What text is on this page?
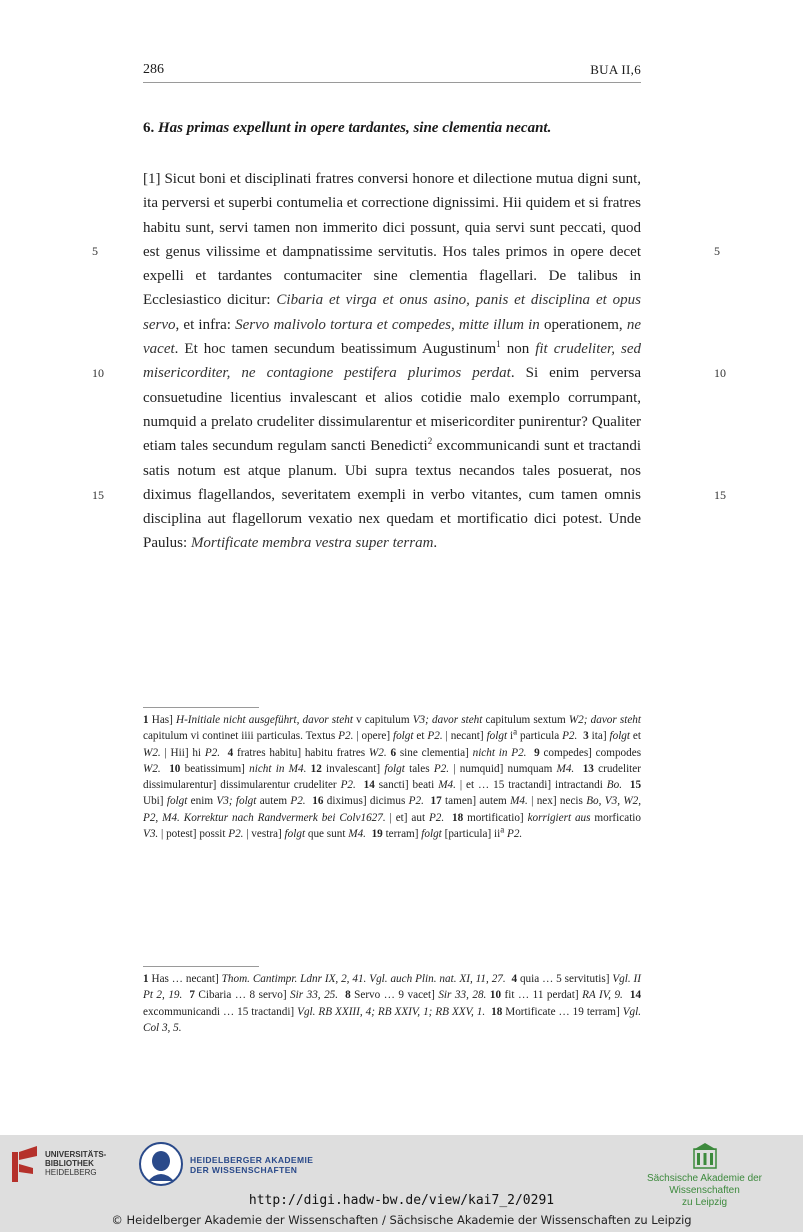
286	BUA II,6
6. Has primas expellunt in opere tardantes, sine clementia necant.
5	5
10	10
15	15
[1] Sicut boni et disciplinati fratres conversi honore et dilectione mutua digni sunt, ita perversi et superbi contumelia et correctione dignissimi. Hii quidem et si fratres habitu sunt, servi tamen non immerito dici possunt, quia servi sunt peccati, quod est genus vilissime et dampnatissime servitutis. Hos tales primos in opere decet expelli et tardantes contumaciter sine clementia flagellari. De talibus in Ecclesiastico dicitur: Cibaria et virga et onus asino, panis et disciplina et opus servo, et infra: Servo malivolo tortura et compedes, mitte illum in operationem, ne vacet. Et hoc tamen secundum beatissimum Augustinum$^1$ non fit crudeliter, sed misericorditer, ne contagione pestifera plurimos perdat. Si enim perversa consuetudine licentius invalescant et alios cotidie malo exemplo corrumpant, numquid a prelato crudeliter dissimularentur et misericorditer punirentur? Qualiter etiam tales secundum regulam sancti Benedicti$^2$ excommunicandi sunt et tractandi satis notum est atque planum. Ubi supra textus necandos tales posuerat, nos diximus flagellandos, severitatem exempli in verbo vitantes, cum tamen omnis disciplina aut flagellorum vexatio nex quedam et mortificatio dici potest. Unde Paulus: Mortificate membra vestra super terram.
1 Has] H-Initiale nicht ausgeführt, davor steht v capitulum V3; davor steht capitulum sextum W2; davor steht capitulum vi continet iiii particulas. Textus P2. | opere] folgt et P2. | necant] folgt $i^a$ particula P2. 3 ita] folgt et W2. | Hii] hi P2. 4 fratres habitu] habitu fratres W2. 6 sine clementia] nicht in P2. 9 compedes] compodes W2. 10 beatissimum] nicht in M4. 12 invalescant] folgt tales P2. | numquid] numquam M4. 13 crudeliter dissimularentur] dissimularentur crudeliter P2. 14 sancti] beati M4. | et … 15 tractandi] intractandi Bo. 15 Ubi] folgt enim V3; folgt autem P2. 16 diximus] dicimus P2. 17 tamen] autem M4. | nex] necis Bo, V3, W2, P2, M4. Korrektur nach Randvermerk bei Colv1627. | et] aut P2. 18 mortificatio] korrigiert aus morficatio V3. | potest] possit P2. | vestra] folgt que sunt M4. 19 terram] folgt [particula] $ii^a$ P2.
1 Has … necant] Thom. Cantimpr. Ldnr IX, 2, 41. Vgl. auch Plin. nat. XI, 11, 27. 4 quia … 5 servitutis] Vgl. II Pt 2, 19. 7 Cibaria … 8 servo] Sir 33, 25. 8 Servo … 9 vacet] Sir 33, 28. 10 fit … 11 perdat] RA IV, 9. 14 excommunicandi … 15 tractandi] Vgl. RB XXIII, 4; RB XXIV, 1; RB XXV, 1. 18 Mortificate … 19 terram] Vgl. Col 3, 5.
UNIVERSITÄTS-
BIBLIOTHEK
HEIDELBERG
HEIDELBERGER AKADEMIE
DER WISSENSCHAFTEN
Sächsische Akademie der Wissenschaften
zu Leipzig
http://digi.hadw-bw.de/view/kai7_2/0291
© Heidelberger Akademie der Wissenschaften / Sächsische Akademie der Wissenschaften zu Leipzig
